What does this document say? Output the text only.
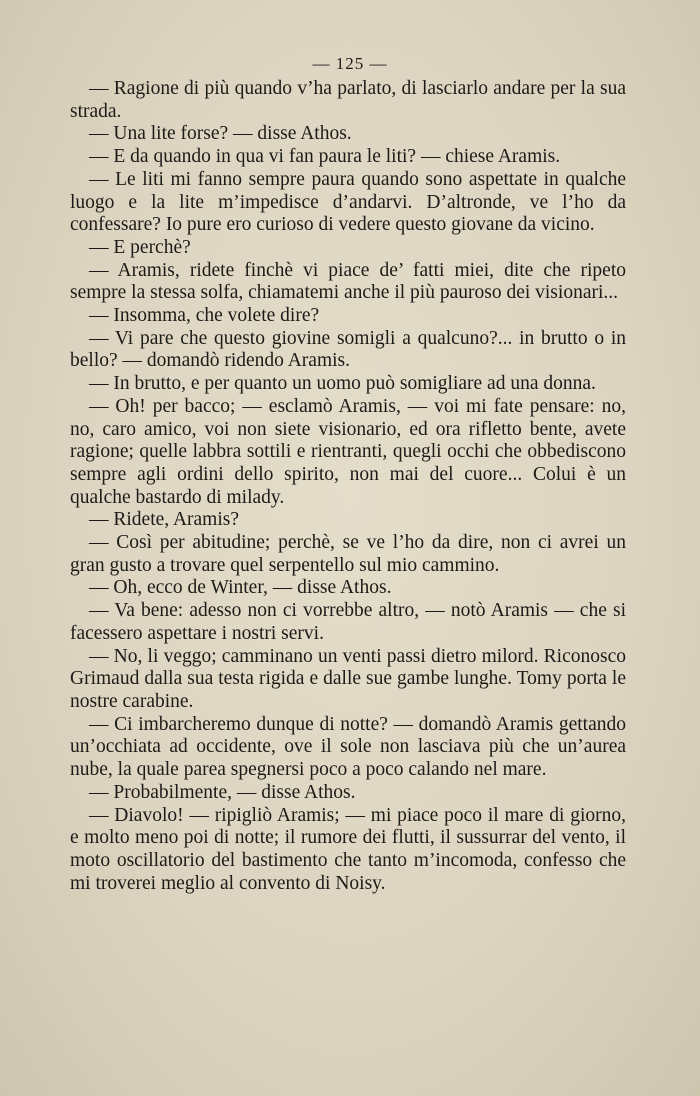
— 125 —

— Ragione di più quando v’ha parlato, di lasciarlo andare per la sua strada.
— Una lite forse? — disse Athos.
— E da quando in qua vi fan paura le liti? — chiese Aramis.
— Le liti mi fanno sempre paura quando sono aspettate in qualche luogo e la lite m’impedisce d’andarvi. D’altronde, ve l’ho da confessare? Io pure ero curioso di vedere questo giovane da vicino.
— E perchè?
— Aramis, ridete finchè vi piace de’ fatti miei, dite che ripeto sempre la stessa solfa, chiamatemi anche il più pauroso dei visionari...
— Insomma, che volete dire?
— Vi pare che questo giovine somigli a qualcuno?... in brutto o in bello? — domandò ridendo Aramis.
— In brutto, e per quanto un uomo può somigliare ad una donna.
— Oh! per bacco; — esclamò Aramis, — voi mi fate pensare: no, no, caro amico, voi non siete visionario, ed ora rifletto bente, avete ragione; quelle labbra sottili e rientranti, quegli occhi che obbediscono sempre agli ordini dello spirito, non mai del cuore... Colui è un qualche bastardo di milady.
— Ridete, Aramis?
— Così per abitudine; perchè, se ve l’ho da dire, non ci avrei un gran gusto a trovare quel serpentello sul mio cammino.
— Oh, ecco de Winter, — disse Athos.
— Va bene: adesso non ci vorrebbe altro, — notò Aramis — che si facessero aspettare i nostri servi.
— No, li veggo; camminano un venti passi dietro milord. Riconosco Grimaud dalla sua testa rigida e dalle sue gambe lunghe. Tomy porta le nostre carabine.
— Ci imbarcheremo dunque di notte? — domandò Aramis gettando un’occhiata ad occidente, ove il sole non lasciava più che un’aurea nube, la quale parea spegnersi poco a poco calando nel mare.
— Probabilmente, — disse Athos.
— Diavolo! — ripigliò Aramis; — mi piace poco il mare di giorno, e molto meno poi di notte; il rumore dei flutti, il sussurrar del vento, il moto oscillatorio del bastimento che tanto m’incomoda, confesso che mi troverei meglio al convento di Noisy.
